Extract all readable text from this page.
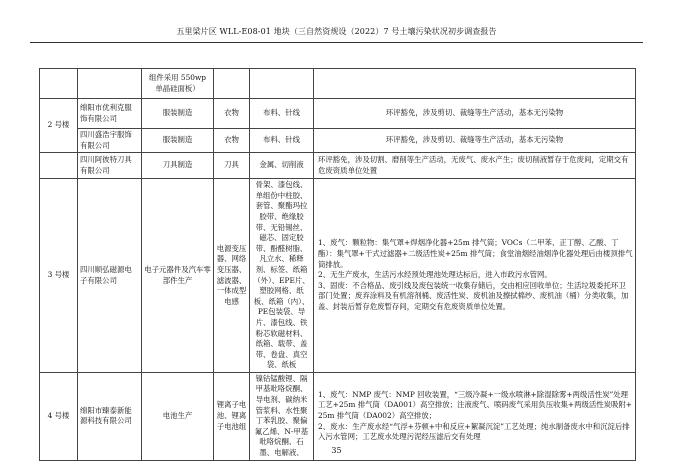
五里梁片区 WLL-E08-01 地块（三自然资规设（2022）7 号土壤污染状况初步调查报告

		组件采用 550wp

单晶硅面板）			

2 号楼	绵阳市优利克服饰有限公司	服装制造	衣物	布料、针线	环评豁免，涉及剪切、裁缝等生产活动，基本无污染物
	四川盛浩宇服饰有限公司	服装制造	衣物	布料、针线	环评豁免，涉及剪切、裁缝等生产活动，基本无污染物
	四川阿彼特刀具有限公司	刀具制造	刀具	金属、切削液	环评豁免，涉及切割、磨削等生产活动，无废气、废水产生；废切削液暂存于危废间，定期交有危废资质单位处置
3 号楼	四川顺弘磁源电子有限公司	电子元器件及汽车零部件生产	电源变压器、网络变压器、滤波器、一体成型电感	骨架、漆包线、单组份中柱胶、套管、聚酯玛拉胶带、绝缘胶带、无铅锡丝、磁芯、固定胶带、酚醛树脂、凡立水、稀释剂、标签、纸箱（外）、EPE片、塑胶网格、纸板、纸箱（内）、PE包装袋、导片、漆包线、铁粉芯软磁材料、纸箱、载带、盖带、卷盘、真空袋、纸板	1、废气：颗粒物：集气罩+焊烟净化器+25m 排气筒；VOCs（二甲苯、正丁醇、乙酸、丁酯）：集气罩+干式过滤器+二级活性炭+25m 排气筒；食堂油烟经油烟净化器处理后由楼顶排气筒排放。

2、无生产废水，生活污水经预处理池处理达标后，进入市政污水管网。

3、固废：不合格品、废引线及废包装统一收集存储后，交由相应回收单位；生活垃圾委托环卫部门处置；废弃涂料及有机溶剂桶、废活性炭、废机油及擦拭棉纱、废机油（桶）分类收集，加盖、封装后暂存危废暂存间，定期交有危废资质单位处置。

4 号楼	绵阳市臻泰新能源科技有限公司	电池生产	锂离子电池、锂离子电池组	镍钴锰酸锂、隔甲基吡咯烷酮、导电剂、碳纳米管浆料、水性聚丁苯乳胶、聚偏氟乙烯、N-甲基吡咯烷酮、石墨、电解液、	1、废气：NMP 废气：NMP 回收装置，“三级冷凝+一级水喷淋+除湿除雾+两级活性炭”处理工艺+25m 排气筒（DA001）高空排放；注液废气、喷码废气采用负压收集+两级活性炭吸附+25m 排气筒（DA002）高空排放；

2、废水：生产废水经“气浮+芬顿+中和反应+絮凝沉淀”工艺处理；纯水制备废水中和沉淀后排入污水管网；工艺废水处理污泥经压滤后交有处理

35
